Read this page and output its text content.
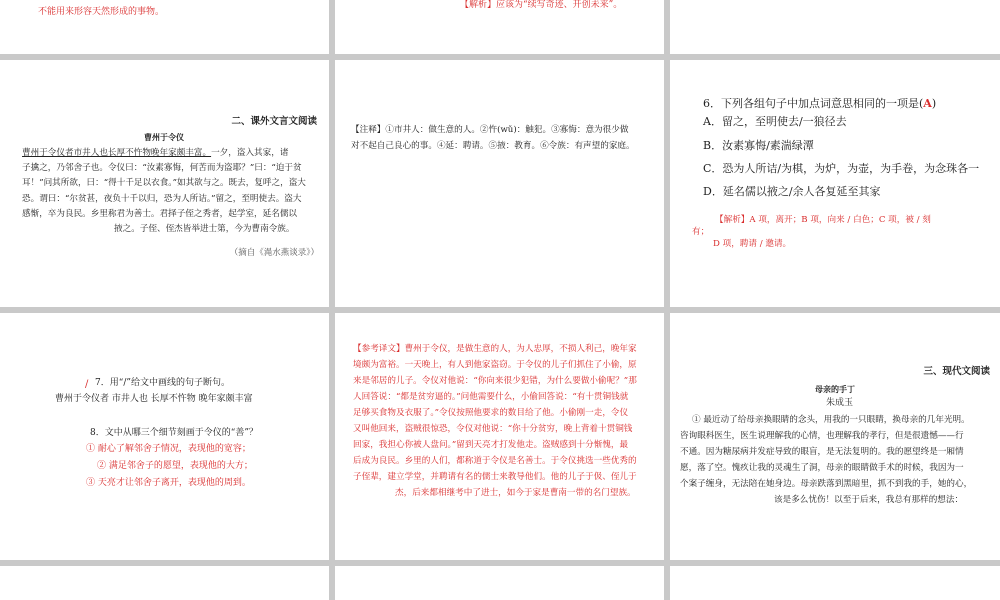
不能用来形容天然形成的事物。
【解析】应该为“续写奇迹、开创未来”。
二、课外文言文阅读
曹州于令仪
曹州于令仪者市井人也长厚不忤物晚年家颇丰富。一夕，盗入其家，诸
子擒之，乃邻舍子也。令仪曰：“汝素寡悔，何苦而为盗耶？”曰：“迫于贫
耳！”问其所欲，曰：“得十千足以衣食。”如其欲与之。既去，复呼之，盗大
恐。谓曰：“尔贫甚，夜负十千以归，恐为人所诘。”留之，至明使去。盗大
感惭，卒为良民。乡里称君为善士。君择子侄之秀者，起学室，延名儒以
掖之。子侄、侄杰皆举进士第，今为曹南令族。
（摘自《渑水燕谈录》）
【注释】①市井人：做生意的人。②忤(wǔ)：触犯。③寡悔：意为很少做
对不起自己良心的事。④延：聘请。⑤掖：教育。⑥令族：有声望的家庭。
6．下列各组句子中加点词意思相同的一项是(A)
A．留之，至明使去/一狼径去
B．汝素寡悔/素湍绿潭
C．恐为人所诘/为棋，为炉，为壶，为手卷，为念珠各一
D．延名儒以掖之/余人各复延至其家
【解析】A 项，离开；B 项，向来 / 白色；C 项，被 / 刻
有；
D 项，聘请 / 邀请。
/ 7．用“/”给文中画线的句子断句。
曹州于令仪者 市井人也 长厚不忤物 晚年家颇丰富
8．文中从哪三个细节刻画于令仪的“善”？
① 耐心了解邻舍子情况，表现他的宽容；
② 满足邻舍子的愿望，表现他的大方；
③ 天亮才让邻舍子离开，表现他的周到。
【参考译文】曹州于令仪，是做生意的人，为人忠厚，不损人利己，晚年家
境颇为富裕。一天晚上，有人到他家盗窃。于令仪的儿子们抓住了小偷，原
来是邻居的儿子。令仪对他说：“你向来很少犯错，为什么要做小偷呢？”那
人回答说：“都是贫穷逼的。”问他需要什么，小偷回答说：“有十贯铜钱就
足够买食物及衣服了。”令仪按照他要求的数目给了他。小偷刚一走，令仪
又叫他回来，盗贼很惊恐，令仪对他说：“你十分贫穷，晚上背着十贯铜钱
回家，我担心你被人盘问。”留到天亮才打发他走。盗贼感到十分惭愧，最
后成为良民。乡里的人们，都称道于令仪是名善士。于令仪挑选一些优秀的
子侄辈，建立学堂，并聘请有名的儒士来教导他们。他的儿子于伋、侄儿于
杰，后来都相继考中了进士，如今于家是曹南一带的名门望族。
三、现代文阅读
母亲的手丁
朱成玉
① 最近动了给母亲换眼睛的念头，用我的一只眼睛，换母亲的几年光明。
咨询眼科医生，医生说理解我的心情，也理解我的孝行，但是很遗憾——行
不通。因为糖尿病并发症导致的眼盲，是无法复明的。我的愿望终是一厢情
愿，落了空。愧疚让我的灵魂生了洞，母亲的眼睛做手术的时候，我因为一
个案子缠身，无法陪在她身边。母亲跌落到黑暗里，抓不到我的手，她的心，
该是多么忧伤！以至于后来，我总有那样的想法：
